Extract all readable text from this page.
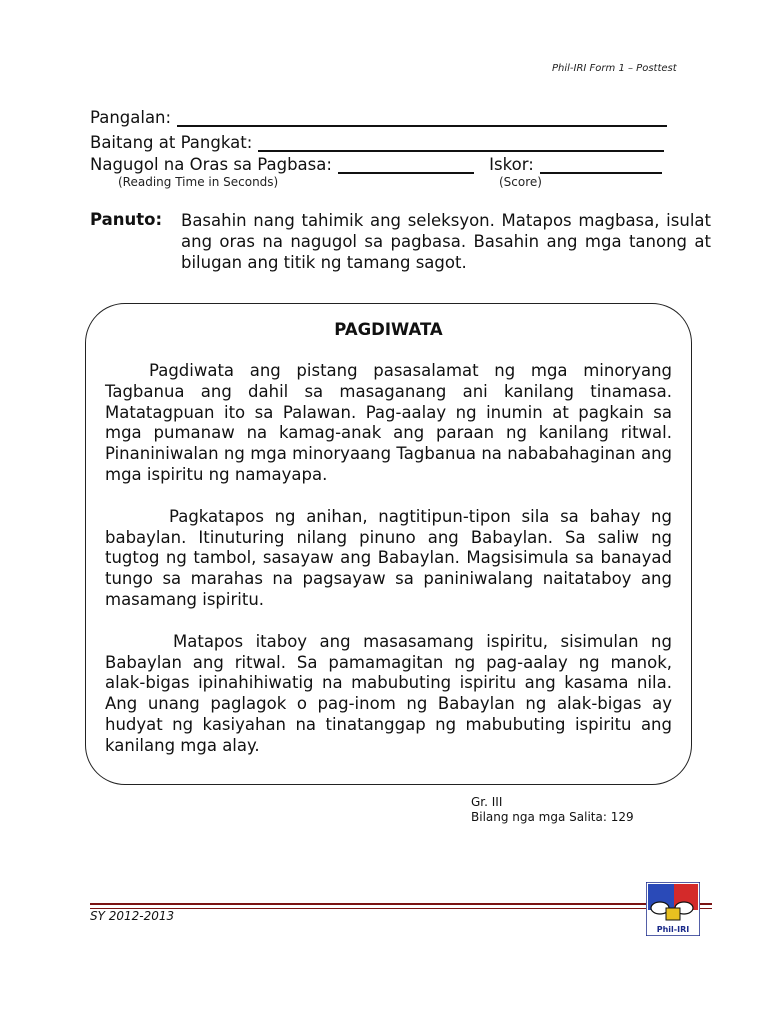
Phil-IRI Form 1 – Posttest
Pangalan:
Baitang at Pangkat:
Nagugol na Oras sa Pagbasa:	Iskor:
(Reading Time in Seconds)	(Score)
Panuto: Basahin nang tahimik ang seleksyon. Matapos magbasa, isulat ang oras na nagugol sa pagbasa. Basahin ang mga tanong at bilugan ang titik ng tamang sagot.
PAGDIWATA

Pagdiwata ang pistang pasasalamat ng mga minoryang Tagbanua ang dahil sa masaganang ani kanilang tinamasa. Matatagpuan ito sa Palawan. Pag-aalay ng inumin at pagkain sa mga pumanaw na kamag-anak ang paraan ng kanilang ritwal. Pinaniniwalan ng mga minoryaang Tagbanua na nababahaginan ang mga ispiritu ng namayapa.

Pagkatapos ng anihan, nagtitipun-tipon sila sa bahay ng babaylan. Itinuturing nilang pinuno ang Babaylan. Sa saliw ng tugtog ng tambol, sasayaw ang Babaylan. Magsisimula sa banayad tungo sa marahas na pagsayaw sa paniniwalang naitataboy ang masamang ispiritu.

Matapos itaboy ang masasamang ispiritu, sisimulan ng Babaylan ang ritwal. Sa pamamagitan ng pag-aalay ng manok, alak-bigas ipinahihiwatig na mabubuting ispiritu ang kasama nila. Ang unang paglagok o pag-inom ng Babaylan ng alak-bigas ay hudyat ng kasiyahan na tinatanggap ng mabubuting ispiritu ang kanilang mga alay.

Gr. III
Bilang nga mga Salita: 129
SY 2012-2013
Phil-IRI
